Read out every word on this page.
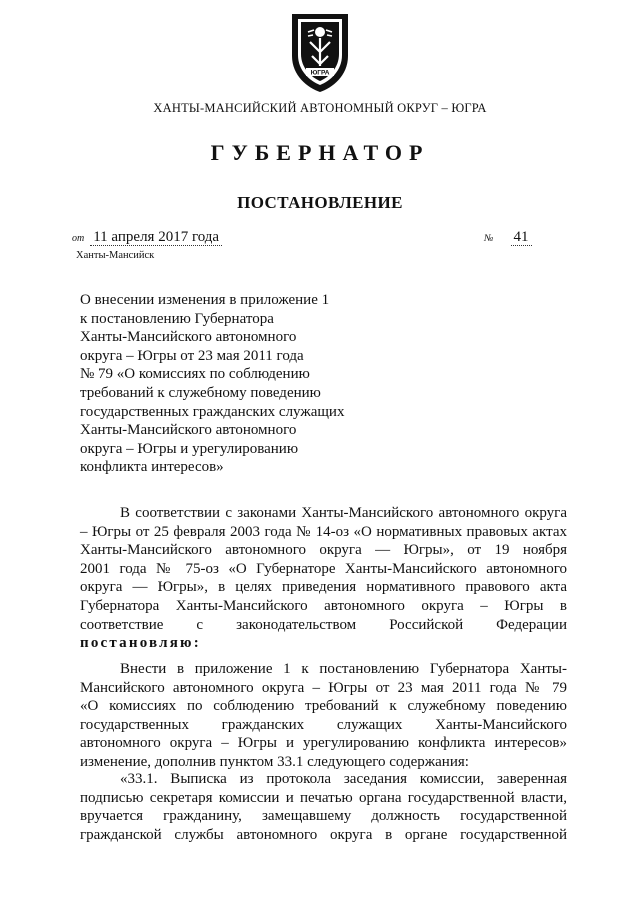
ЮГРА
ХАНТЫ-МАНСИЙСКИЙ АВТОНОМНЫЙ ОКРУГ – ЮГРА
ГУБЕРНАТОР
ПОСТАНОВЛЕНИЕ
от 11 апреля 2017 года	№ 41
Ханты-Мансийск
О внесении изменения в приложение 1
к постановлению Губернатора
Ханты-Мансийского автономного
округа – Югры от 23 мая 2011 года
№ 79 «О комиссиях по соблюдению
требований к служебному поведению
государственных гражданских служащих
Ханты-Мансийского автономного
округа – Югры и урегулированию
конфликта интересов»
В соответствии с законами Ханты-Мансийского автономного округа
– Югры от 25 февраля 2003 года № 14-оз «О нормативных правовых актах
Ханты-Мансийского автономного округа — Югры», от 19 ноября
2001 года № 75-оз «О Губернаторе Ханты-Мансийского автономного
округа — Югры», в целях приведения нормативного правового акта
Губернатора Ханты-Мансийского автономного округа – Югры в
соответствие с законодательством Российской Федерации
постановляю:
Внести в приложение 1 к постановлению Губернатора Ханты-
Мансийского автономного округа – Югры от 23 мая 2011 года № 79
«О комиссиях по соблюдению требований к служебному поведению
государственных гражданских служащих Ханты-Мансийского
автономного округа – Югры и урегулированию конфликта интересов»
изменение, дополнив пунктом 33.1 следующего содержания:
«33.1. Выписка из протокола заседания комиссии, заверенная
подписью секретаря комиссии и печатью органа государственной власти,
вручается гражданину, замещавшему должность государственной
гражданской службы автономного округа в органе государственной
